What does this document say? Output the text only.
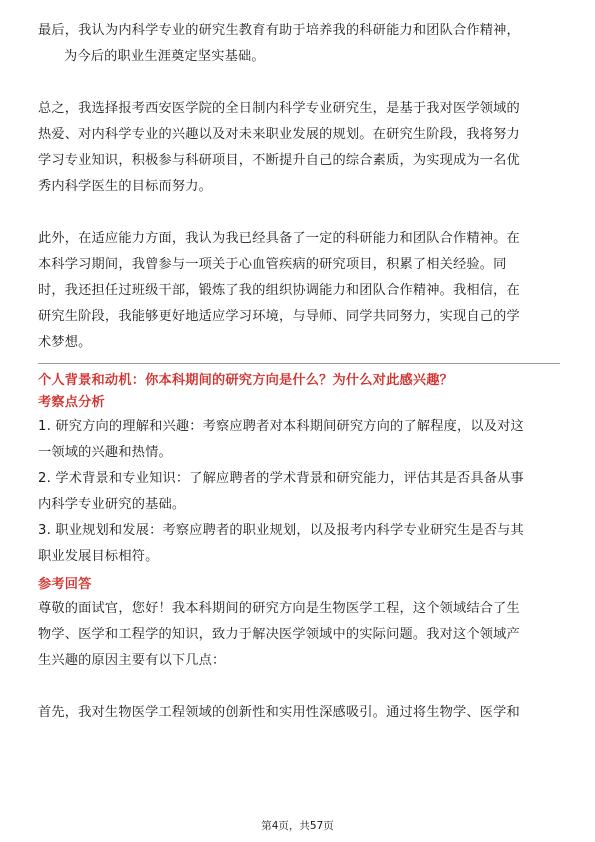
最后，我认为内科学专业的研究生教育有助于培养我的科研能力和团队合作精神，

为今后的职业生涯奠定坚实基础。

总之，我选择报考西安医学院的全日制内科学专业研究生，是基于我对医学领域的

热爱、对内科学专业的兴趣以及对未来职业发展的规划。在研究生阶段，我将努力

学习专业知识，积极参与科研项目，不断提升自己的综合素质，为实现成为一名优

秀内科学医生的目标而努力。

此外，在适应能力方面，我认为我已经具备了一定的科研能力和团队合作精神。在

本科学习期间，我曾参与一项关于心血管疾病的研究项目，积累了相关经验。同

时，我还担任过班级干部，锻炼了我的组织协调能力和团队合作精神。我相信，在

研究生阶段，我能够更好地适应学习环境，与导师、同学共同努力，实现自己的学

术梦想。

个人背景和动机：你本科期间的研究方向是什么？为什么对此感兴趣？

考察点分析

1. 研究方向的理解和兴趣：考察应聘者对本科期间研究方向的了解程度，以及对这

一领域的兴趣和热情。

2. 学术背景和专业知识：了解应聘者的学术背景和研究能力，评估其是否具备从事

内科学专业研究的基础。

3. 职业规划和发展：考察应聘者的职业规划，以及报考内科学专业研究生是否与其

职业发展目标相符。

参考回答

尊敬的面试官，您好！我本科期间的研究方向是生物医学工程，这个领域结合了生

物学、医学和工程学的知识，致力于解决医学领域中的实际问题。我对这个领域产

生兴趣的原因主要有以下几点：

首先，我对生物医学工程领域的创新性和实用性深感吸引。通过将生物学、医学和

第4页，共57页
